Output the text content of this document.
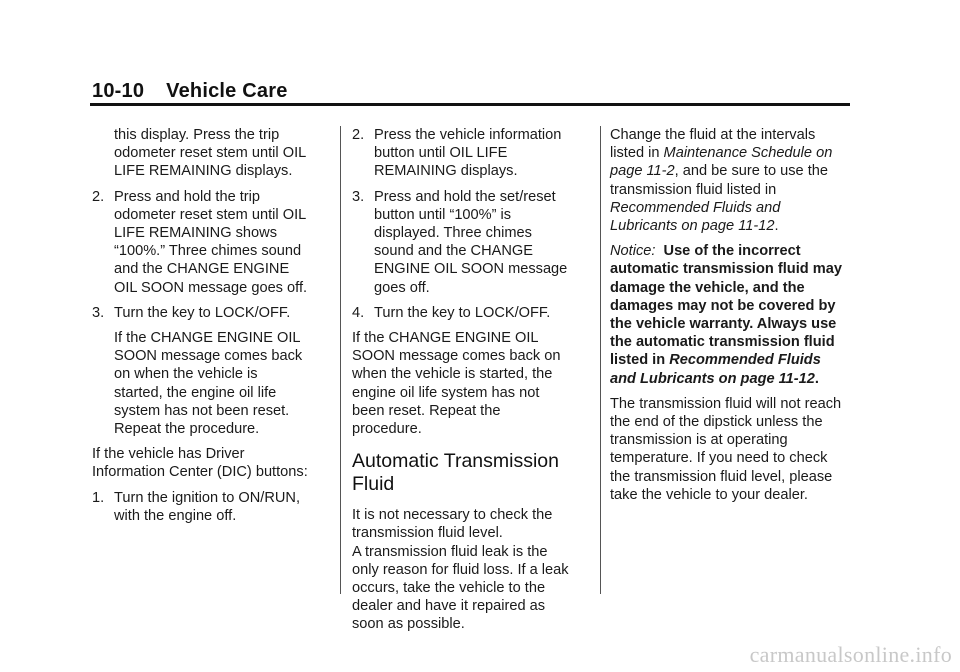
10-10 Vehicle Care

this display. Press the trip odometer reset stem until OIL LIFE REMAINING displays.

2. Press and hold the trip odometer reset stem until OIL LIFE REMAINING shows “100%.” Three chimes sound and the CHANGE ENGINE OIL SOON message goes off.

3. Turn the key to LOCK/OFF.

If the CHANGE ENGINE OIL SOON message comes back on when the vehicle is started, the engine oil life system has not been reset. Repeat the procedure.

If the vehicle has Driver Information Center (DIC) buttons:

1. Turn the ignition to ON/RUN, with the engine off.

2. Press the vehicle information button until OIL LIFE REMAINING displays.

3. Press and hold the set/reset button until “100%” is displayed. Three chimes sound and the CHANGE ENGINE OIL SOON message goes off.

4. Turn the key to LOCK/OFF.

If the CHANGE ENGINE OIL SOON message comes back on when the vehicle is started, the engine oil life system has not been reset. Repeat the procedure.

Automatic Transmission Fluid

It is not necessary to check the transmission fluid level.

A transmission fluid leak is the only reason for fluid loss. If a leak occurs, take the vehicle to the dealer and have it repaired as soon as possible.

Change the fluid at the intervals listed in Maintenance Schedule on page 11‑2, and be sure to use the transmission fluid listed in Recommended Fluids and Lubricants on page 11‑12.

Notice: Use of the incorrect automatic transmission fluid may damage the vehicle, and the damages may not be covered by the vehicle warranty. Always use the automatic transmission fluid listed in Recommended Fluids and Lubricants on page 11‑12.

The transmission fluid will not reach the end of the dipstick unless the transmission is at operating temperature. If you need to check the transmission fluid level, please take the vehicle to your dealer.

carmanualsonline.info
